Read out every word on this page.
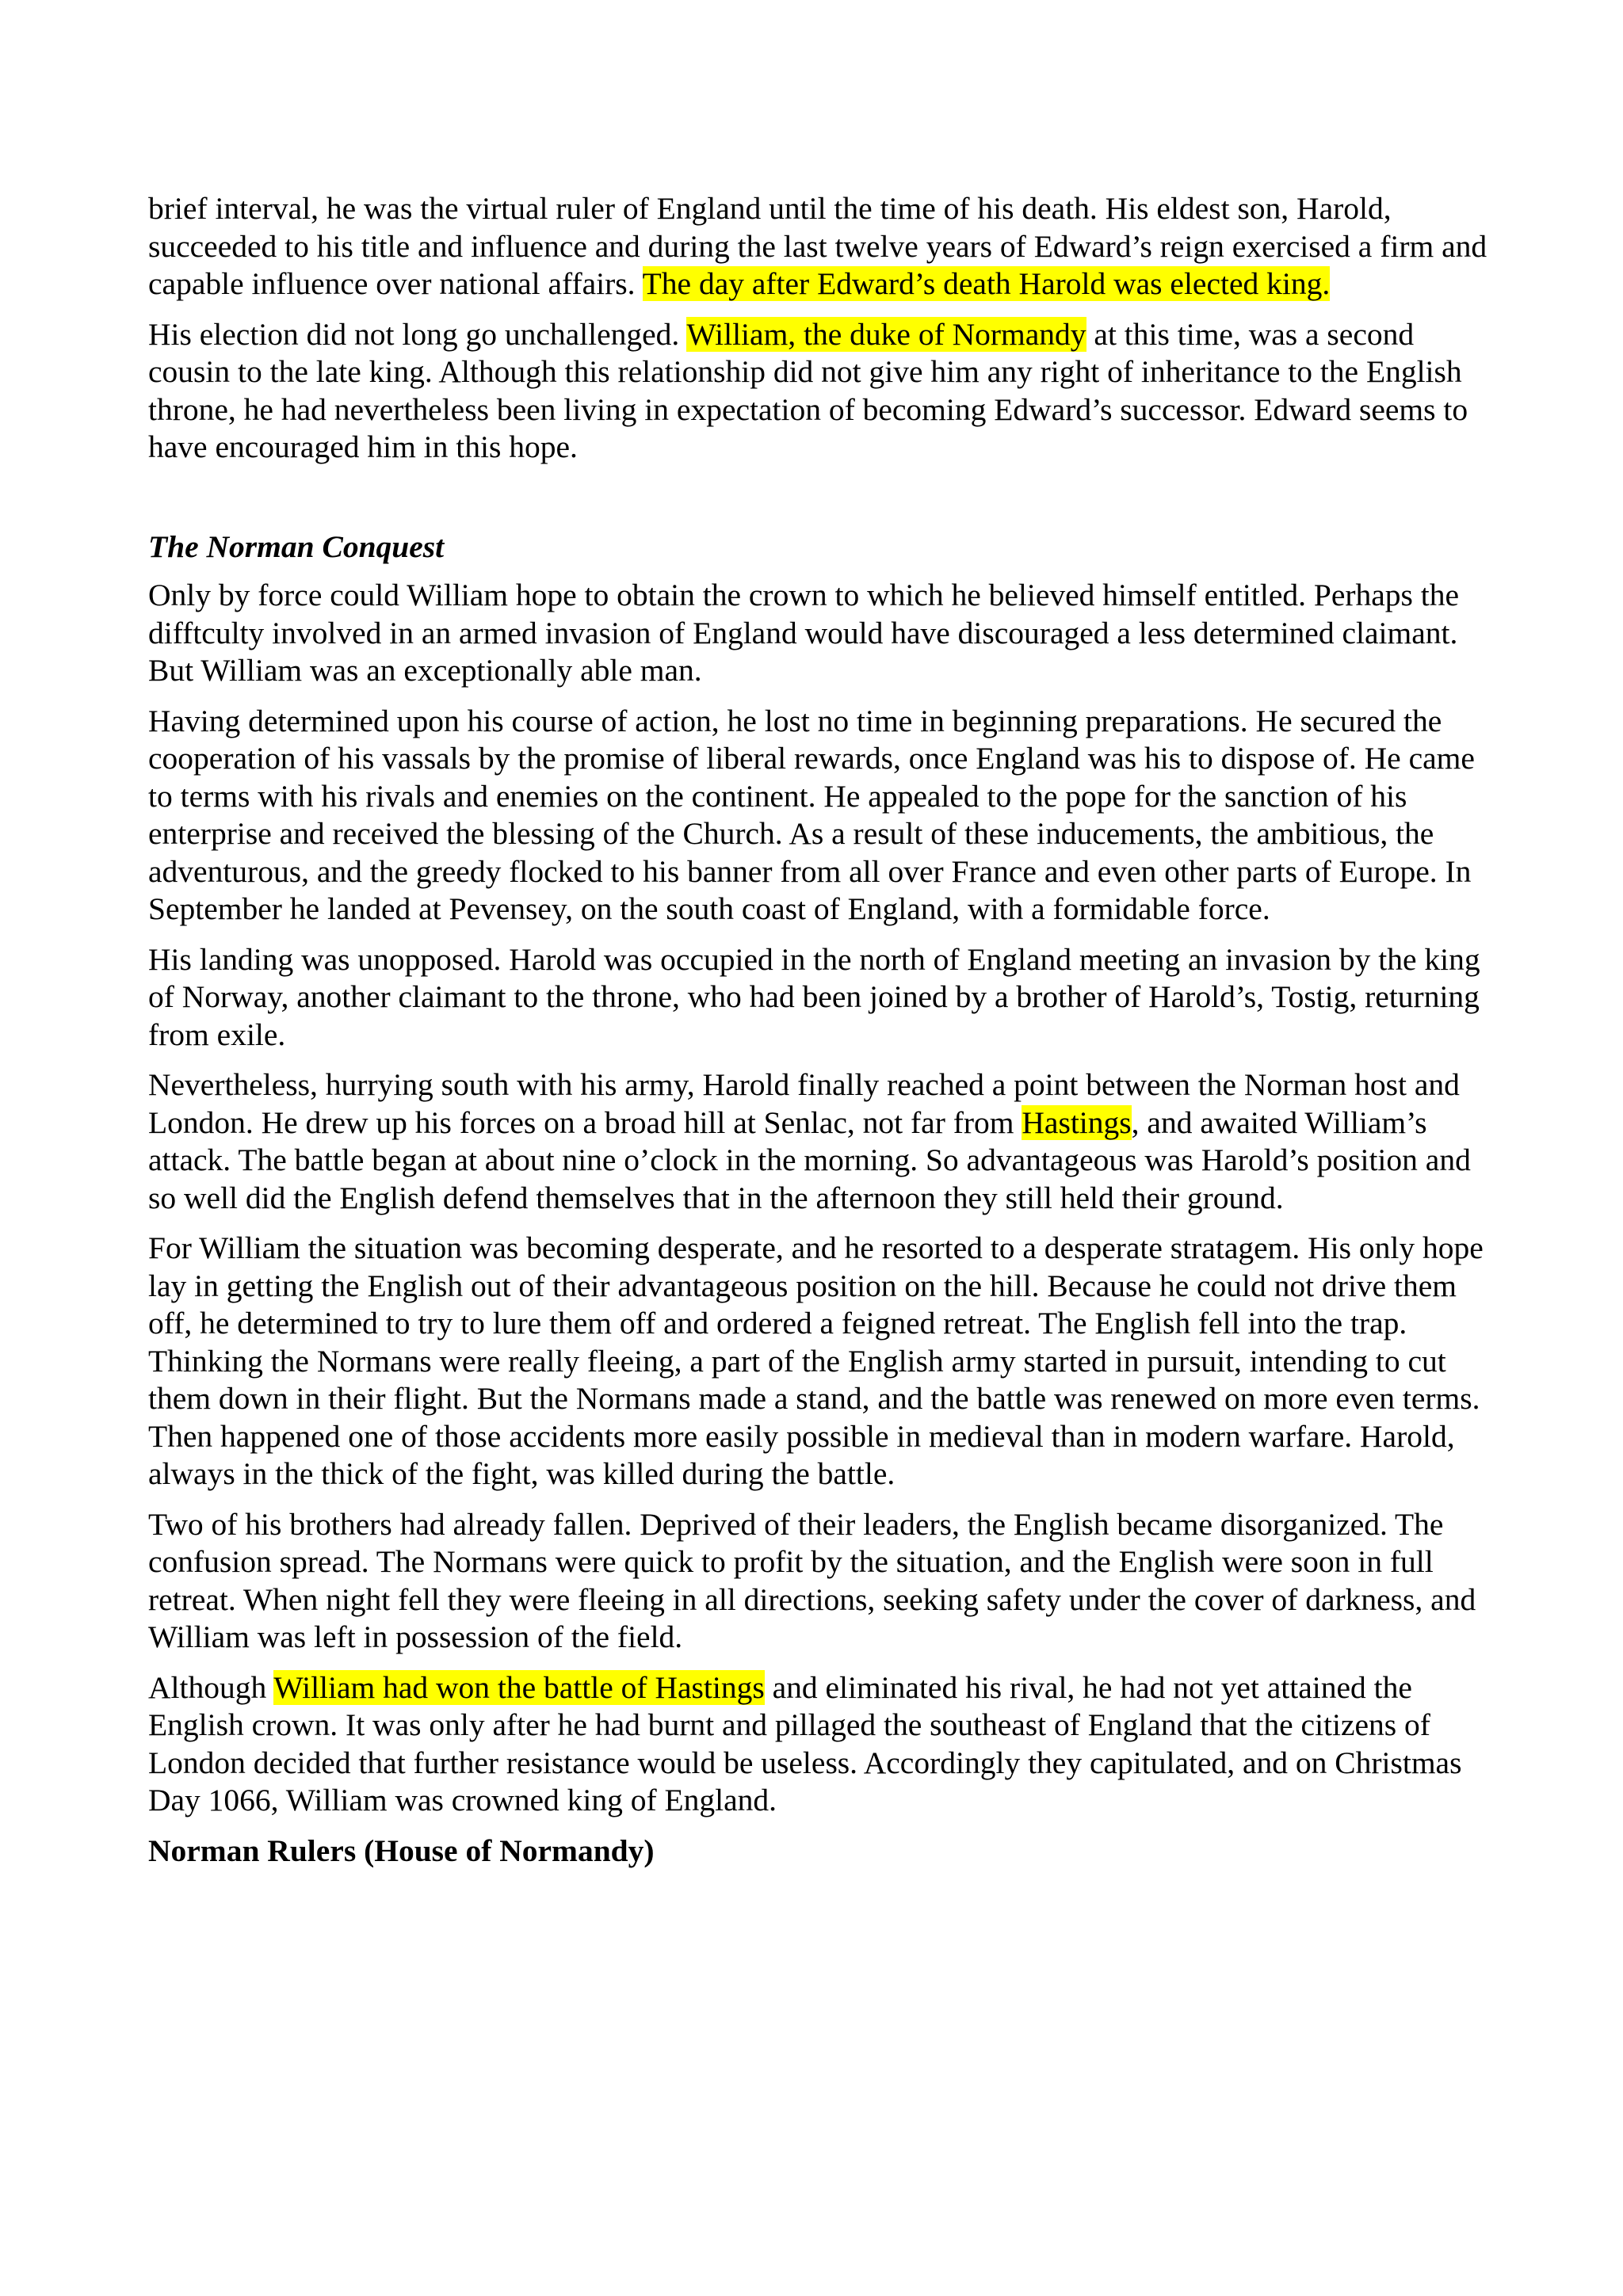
brief interval, he was the virtual ruler of England until the time of his death. His eldest son, Harold, succeeded to his title and influence and during the last twelve years of Edward’s reign exercised a firm and capable influence over national affairs. The day after Edward’s death Harold was elected king.

His election did not long go unchallenged. William, the duke of Normandy at this time, was a second cousin to the late king. Although this relationship did not give him any right of inheritance to the English throne, he had nevertheless been living in expectation of becoming Edward’s successor. Edward seems to have encouraged him in this hope.

The Norman Conquest

Only by force could William hope to obtain the crown to which he believed himself entitled. Perhaps the difftculty involved in an armed invasion of England would have discouraged a less determined claimant. But William was an exceptionally able man.

Having determined upon his course of action, he lost no time in beginning preparations. He secured the cooperation of his vassals by the promise of liberal rewards, once England was his to dispose of. He came to terms with his rivals and enemies on the continent. He appealed to the pope for the sanction of his enterprise and received the blessing of the Church. As a result of these inducements, the ambitious, the adventurous, and the greedy flocked to his banner from all over France and even other parts of Europe. In September he landed at Pevensey, on the south coast of England, with a formidable force.

His landing was unopposed. Harold was occupied in the north of England meeting an invasion by the king of Norway, another claimant to the throne, who had been joined by a brother of Harold’s, Tostig, returning from exile.

Nevertheless, hurrying south with his army, Harold finally reached a point between the Norman host and London. He drew up his forces on a broad hill at Senlac, not far from Hastings, and awaited William’s attack. The battle began at about nine o’clock in the morning. So advantageous was Harold’s position and so well did the English defend themselves that in the afternoon they still held their ground.

For William the situation was becoming desperate, and he resorted to a desperate stratagem. His only hope lay in getting the English out of their advantageous position on the hill. Because he could not drive them off, he determined to try to lure them off and ordered a feigned retreat. The English fell into the trap. Thinking the Normans were really fleeing, a part of the English army started in pursuit, intending to cut them down in their flight. But the Normans made a stand, and the battle was renewed on more even terms. Then happened one of those accidents more easily possible in medieval than in modern warfare. Harold, always in the thick of the fight, was killed during the battle.

Two of his brothers had already fallen. Deprived of their leaders, the English became disorganized. The confusion spread. The Normans were quick to profit by the situation, and the English were soon in full retreat. When night fell they were fleeing in all directions, seeking safety under the cover of darkness, and William was left in possession of the field.

Although William had won the battle of Hastings and eliminated his rival, he had not yet attained the English crown. It was only after he had burnt and pillaged the southeast of England that the citizens of London decided that further resistance would be useless. Accordingly they capitulated, and on Christmas Day 1066, William was crowned king of England.

Norman Rulers (House of Normandy)
